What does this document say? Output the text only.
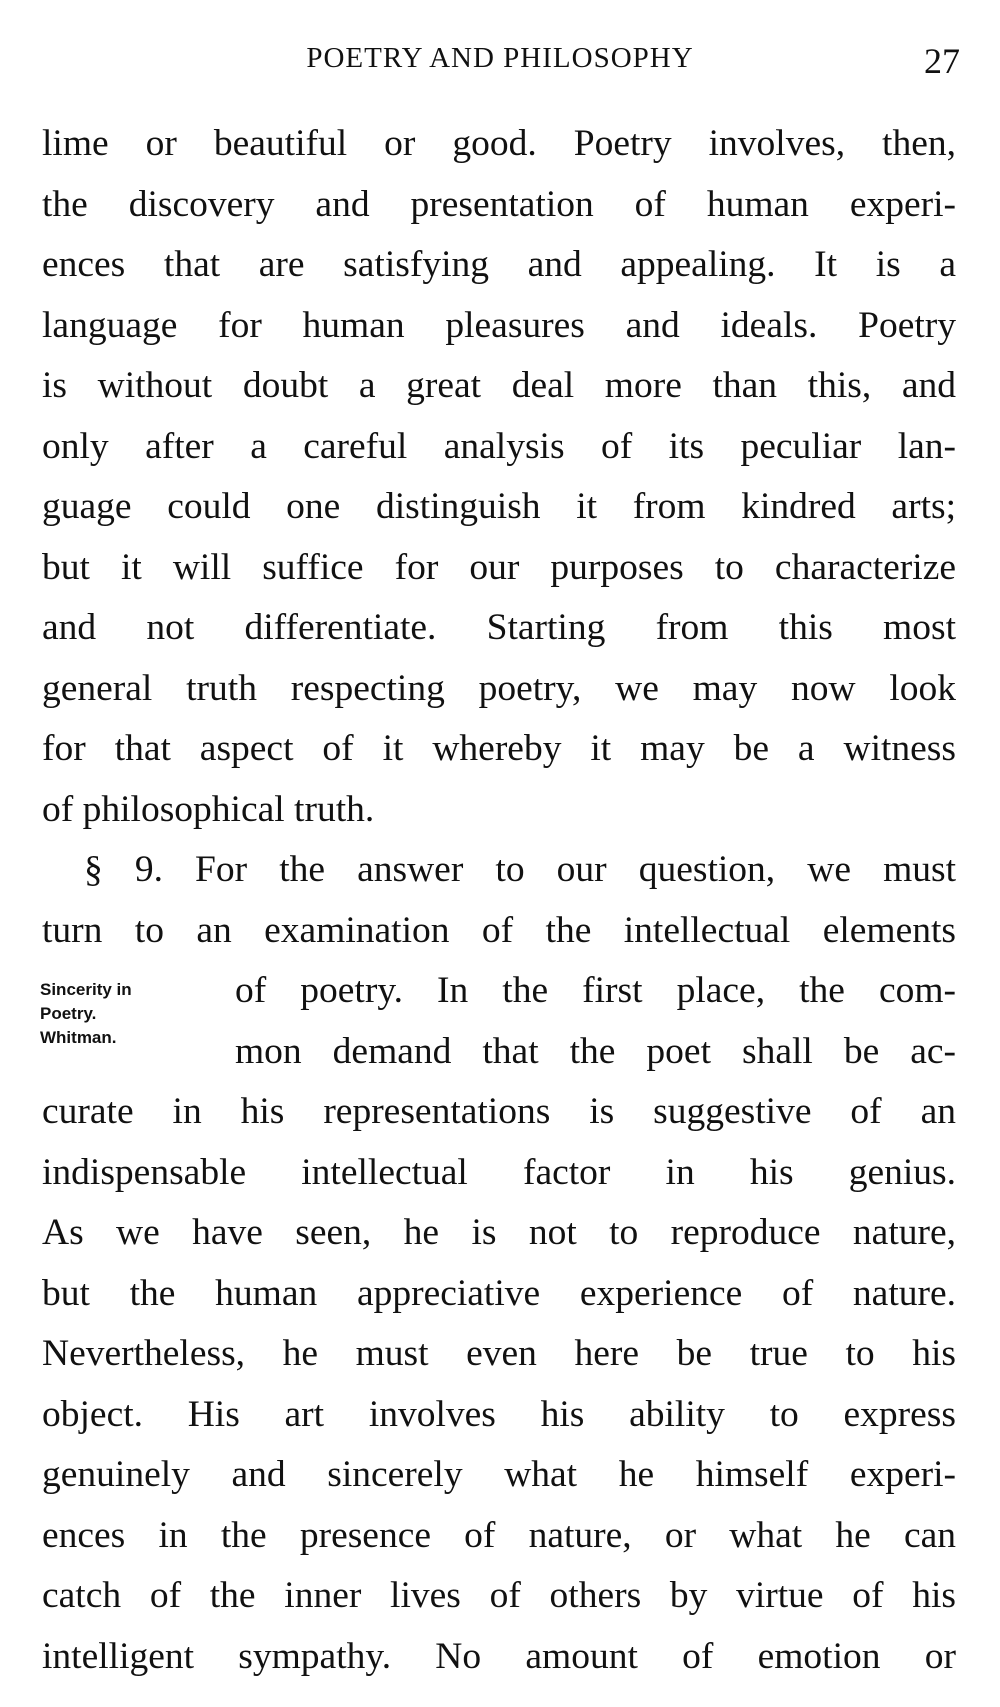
POETRY AND PHILOSOPHY	27
Sincerity in
Poetry.
Whitman.
lime or beautiful or good. Poetry involves, then,
the discovery and presentation of human experi-
ences that are satisfying and appealing. It is a
language for human pleasures and ideals. Poetry
is without doubt a great deal more than this, and
only after a careful analysis of its peculiar lan-
guage could one distinguish it from kindred arts;
but it will suffice for our purposes to characterize
and not differentiate. Starting from this most
general truth respecting poetry, we may now look
for that aspect of it whereby it may be a witness
of philosophical truth.
§ 9. For the answer to our question, we must
turn to an examination of the intellectual elements
of poetry. In the first place, the com-
mon demand that the poet shall be ac-
curate in his representations is suggestive of an
indispensable intellectual factor in his genius.
As we have seen, he is not to reproduce nature,
but the human appreciative experience of nature.
Nevertheless, he must even here be true to his
object. His art involves his ability to express
genuinely and sincerely what he himself experi-
ences in the presence of nature, or what he can
catch of the inner lives of others by virtue of his
intelligent sympathy. No amount of emotion or
